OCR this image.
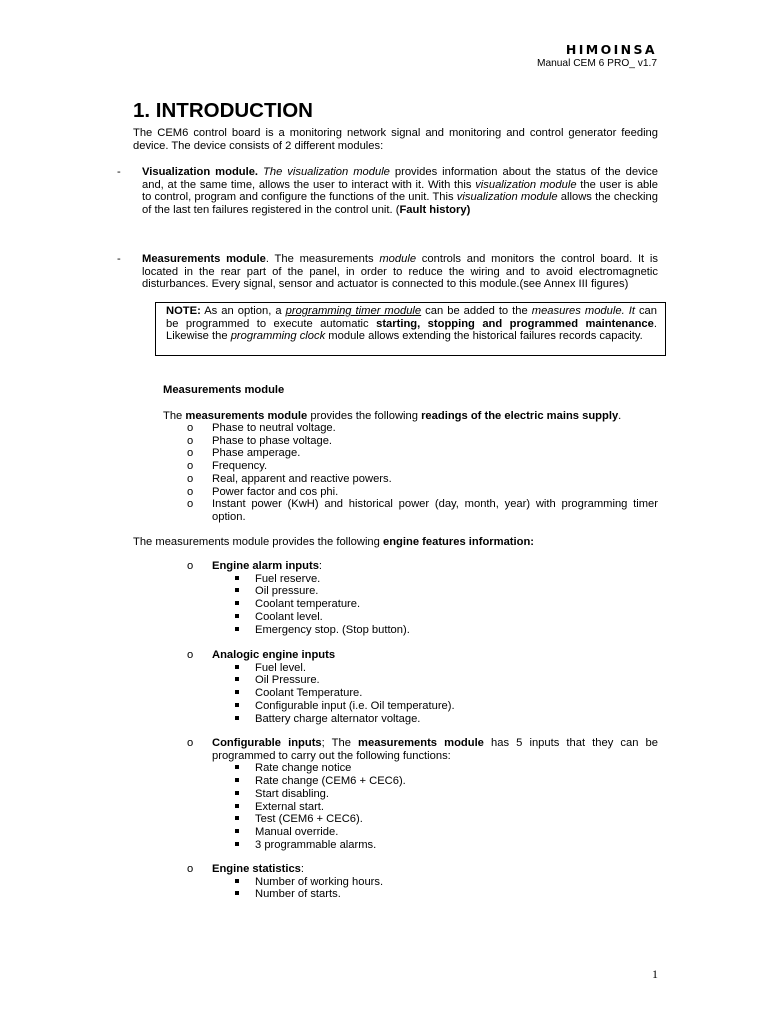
HIMOINSA
Manual CEM 6 PRO_ v1.7
1. INTRODUCTION
The CEM6 control board is a monitoring network signal and monitoring and control generator feeding device. The device consists of 2 different modules:
- Visualization module. The visualization module provides information about the status of the device and, at the same time, allows the user to interact with it. With this visualization module the user is able to control, program and configure the functions of the unit. This visualization module allows the checking of the last ten failures registered in the control unit. (Fault history)
- Measurements module. The measurements module controls and monitors the control board. It is located in the rear part of the panel, in order to reduce the wiring and to avoid electromagnetic disturbances. Every signal, sensor and actuator is connected to this module.(see Annex III figures)
NOTE: As an option, a programming timer module can be added to the measures module. It can be programmed to execute automatic starting, stopping and programmed maintenance. Likewise the programming clock module allows extending the historical failures records capacity.
Measurements module
The measurements module provides the following readings of the electric mains supply.
o Phase to neutral voltage.
o Phase to phase voltage.
o Phase amperage.
o Frequency.
o Real, apparent and reactive powers.
o Power factor and cos phi.
o Instant power (KwH) and historical power (day, month, year) with programming timer option.
The measurements module provides the following engine features information:
o Engine alarm inputs:
Fuel reserve.
Oil pressure.
Coolant temperature.
Coolant level.
Emergency stop. (Stop button).
o Analogic engine inputs
Fuel level.
Oil Pressure.
Coolant Temperature.
Configurable input (i.e. Oil temperature).
Battery charge alternator voltage.
o Configurable inputs; The measurements module has 5 inputs that they can be programmed to carry out the following functions:
Rate change notice
Rate change (CEM6 + CEC6).
Start disabling.
External start.
Test (CEM6 + CEC6).
Manual override.
3 programmable alarms.
o Engine statistics:
Number of working hours.
Number of starts.
1
